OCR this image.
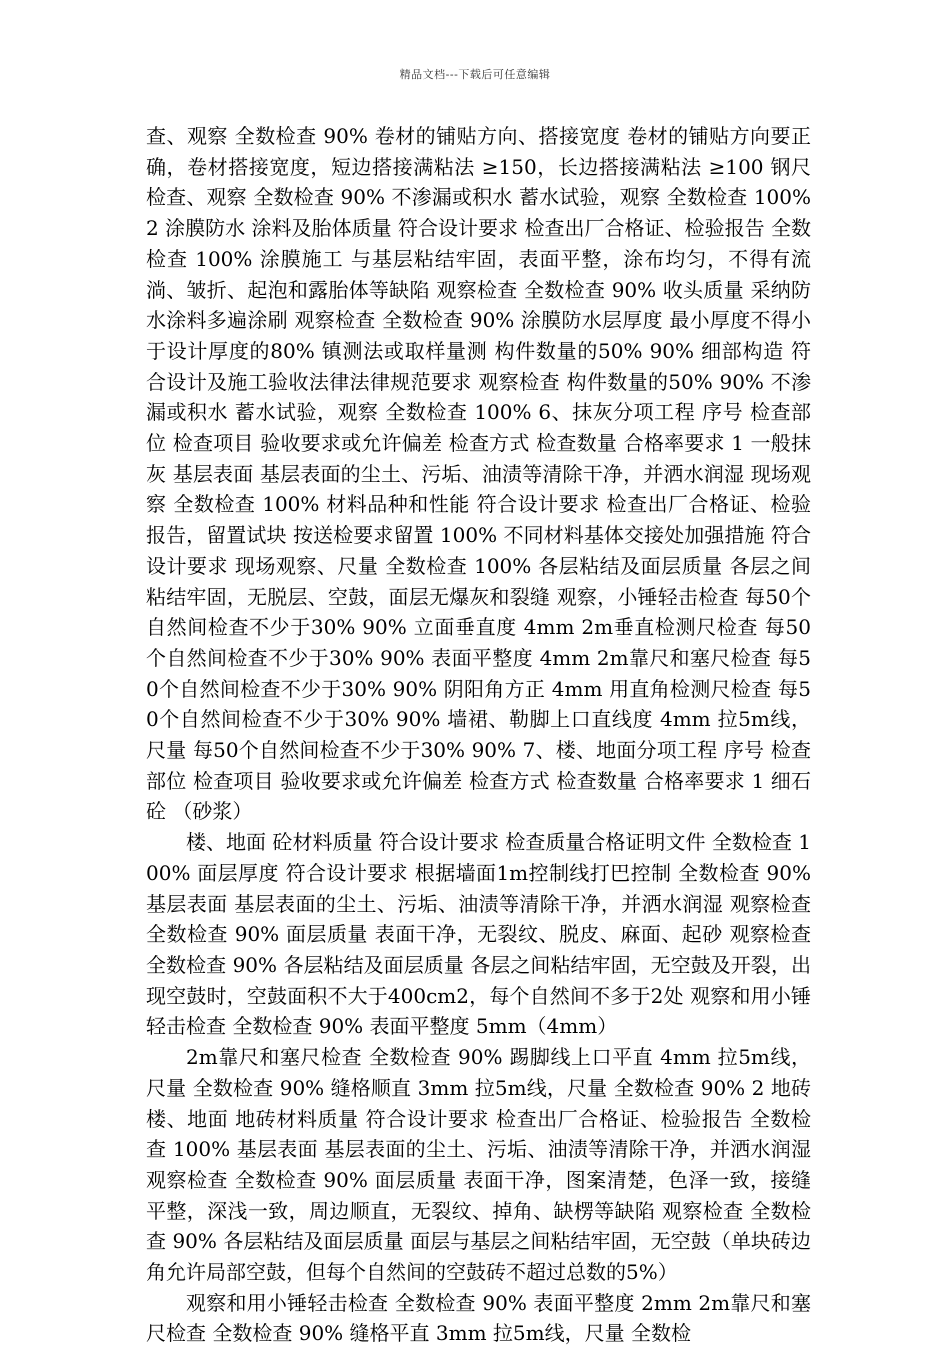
精品文档---下载后可任意编辑

查、观察 全数检查 90% 卷材的铺贴方向、搭接宽度 卷材的铺贴方向要正确，卷材搭接宽度，短边搭接满粘法 ≥150，长边搭接满粘法 ≥100 钢尺检查、观察 全数检查 90% 不渗漏或积水 蓄水试验，观察 全数检查 100% 2 涂膜防水 涂料及胎体质量 符合设计要求 检查出厂合格证、检验报告 全数检查 100% 涂膜施工 与基层粘结牢固，表面平整，涂布均匀，不得有流淌、皱折、起泡和露胎体等缺陷 观察检查 全数检查 90% 收头质量 采纳防水涂料多遍涂刷 观察检查 全数检查 90% 涂膜防水层厚度 最小厚度不得小于设计厚度的80% 镇测法或取样量测 构件数量的50% 90% 细部构造 符合设计及施工验收法律法律规范要求 观察检查 构件数量的50% 90% 不渗漏或积水 蓄水试验，观察 全数检查 100% 6、抹灰分项工程 序号 检查部位 检查项目 验收要求或允许偏差 检查方式 检查数量 合格率要求 1 一般抹灰 基层表面 基层表面的尘土、污垢、油渍等清除干净，并洒水润湿 现场观察 全数检查 100% 材料品种和性能 符合设计要求 检查出厂合格证、检验报告，留置试块 按送检要求留置 100% 不同材料基体交接处加强措施 符合设计要求 现场观察、尺量 全数检查 100% 各层粘结及面层质量 各层之间粘结牢固，无脱层、空鼓，面层无爆灰和裂缝 观察，小锤轻击检查 每50个自然间检查不少于30% 90% 立面垂直度 4mm 2m垂直检测尺检查 每50个自然间检查不少于30% 90% 表面平整度 4mm 2m靠尺和塞尺检查 每50个自然间检查不少于30% 90% 阴阳角方正 4mm 用直角检测尺检查 每50个自然间检查不少于30% 90% 墙裙、勒脚上口直线度 4mm 拉5m线，尺量 每50个自然间检查不少于30% 90% 7、楼、地面分项工程 序号 检查部位 检查项目 验收要求或允许偏差 检查方式 检查数量 合格率要求 1 细石砼 （砂浆）

楼、地面 砼材料质量 符合设计要求 检查质量合格证明文件 全数检查 100% 面层厚度 符合设计要求 根据墙面1m控制线打巴控制 全数检查 90% 基层表面 基层表面的尘土、污垢、油渍等清除干净，并洒水润湿 观察检查 全数检查 90% 面层质量 表面干净，无裂纹、脱皮、麻面、起砂 观察检查 全数检查 90% 各层粘结及面层质量 各层之间粘结牢固，无空鼓及开裂，出现空鼓时，空鼓面积不大于400cm2，每个自然间不多于2处 观察和用小锤轻击检查 全数检查 90% 表面平整度 5mm（4mm）

2m靠尺和塞尺检查 全数检查 90% 踢脚线上口平直 4mm 拉5m线，尺量 全数检查 90% 缝格顺直 3mm 拉5m线，尺量 全数检查 90% 2 地砖 楼、地面 地砖材料质量 符合设计要求 检查出厂合格证、检验报告 全数检查 100% 基层表面 基层表面的尘土、污垢、油渍等清除干净，并洒水润湿 观察检查 全数检查 90% 面层质量 表面干净，图案清楚，色泽一致，接缝平整，深浅一致，周边顺直，无裂纹、掉角、缺楞等缺陷 观察检查 全数检查 90% 各层粘结及面层质量 面层与基层之间粘结牢固，无空鼓（单块砖边角允许局部空鼓，但每个自然间的空鼓砖不超过总数的5%）

观察和用小锤轻击检查 全数检查 90% 表面平整度 2mm 2m靠尺和塞尺检查 全数检查 90% 缝格平直 3mm 拉5m线，尺量 全数检
